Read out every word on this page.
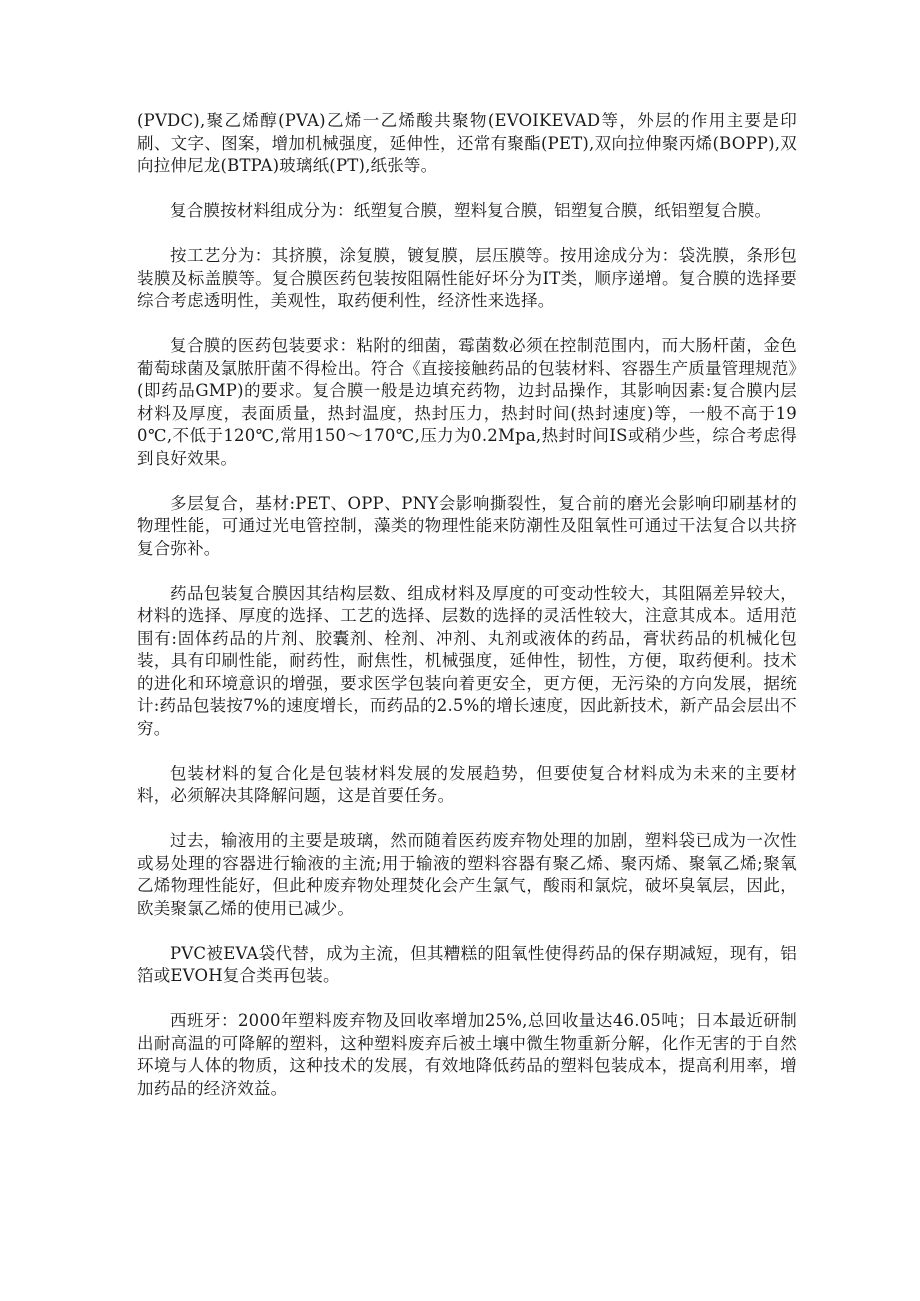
(PVDC),聚乙烯醇(PVA)乙烯一乙烯酸共聚物(EVOIKEVAD等，外层的作用主要是印刷、文字、图案，增加机械强度，延伸性，还常有聚酯(PET),双向拉伸聚丙烯(BOPP),双向拉伸尼龙(BTPA)玻璃纸(PT),纸张等。

复合膜按材料组成分为：纸塑复合膜，塑料复合膜，铝塑复合膜，纸铝塑复合膜。

按工艺分为：其挤膜，涂复膜，镀复膜，层压膜等。按用途成分为：袋洗膜，条形包装膜及标盖膜等。复合膜医药包装按阻隔性能好坏分为IT类，顺序递增。复合膜的选择要综合考虑透明性，美观性，取药便利性，经济性来选择。

复合膜的医药包装要求：粘附的细菌，霉菌数必须在控制范围内，而大肠杆菌，金色葡萄球菌及氯脓肝菌不得检出。符合《直接接触药品的包装材料、容器生产质量管理规范》(即药品GMP)的要求。复合膜一般是边填充药物，边封品操作，其影响因素:复合膜内层材料及厚度，表面质量，热封温度，热封压力，热封时间(热封速度)等，一般不高于190℃,不低于120℃,常用150～170℃,压力为0.2Mpa,热封时间IS或稍少些，综合考虑得到良好效果。

多层复合，基材:PET、OPP、PNY会影响撕裂性，复合前的磨光会影响印刷基材的物理性能，可通过光电管控制，藻类的物理性能来防潮性及阻氧性可通过干法复合以共挤复合弥补。

药品包装复合膜因其结构层数、组成材料及厚度的可变动性较大，其阻隔差异较大，材料的选择、厚度的选择、工艺的选择、层数的选择的灵活性较大，注意其成本。适用范围有:固体药品的片剂、胶囊剂、栓剂、冲剂、丸剂或液体的药品，膏状药品的机械化包装，具有印刷性能，耐药性，耐焦性，机械强度，延伸性，韧性，方便，取药便利。技术的进化和环境意识的增强，要求医学包装向着更安全，更方便，无污染的方向发展，据统计:药品包装按7%的速度增长，而药品的2.5%的增长速度，因此新技术，新产品会层出不穷。

包装材料的复合化是包装材料发展的发展趋势，但要使复合材料成为未来的主要材料，必须解决其降解问题，这是首要任务。

过去，输液用的主要是玻璃，然而随着医药废弃物处理的加剧，塑料袋已成为一次性或易处理的容器进行输液的主流;用于输液的塑料容器有聚乙烯、聚丙烯、聚氧乙烯;聚氧乙烯物理性能好，但此种废弃物处理焚化会产生氯气，酸雨和氯烷，破坏臭氧层，因此，欧美聚氯乙烯的使用已减少。

PVC被EVA袋代替，成为主流，但其糟糕的阻氧性使得药品的保存期减短，现有，铝箔或EVOH复合类再包装。

西班牙：2000年塑料废弃物及回收率增加25%,总回收量达46.05吨；日本最近研制出耐高温的可降解的塑料，这种塑料废弃后被土壤中微生物重新分解，化作无害的于自然环境与人体的物质，这种技术的发展，有效地降低药品的塑料包装成本，提高利用率，增加药品的经济效益。
